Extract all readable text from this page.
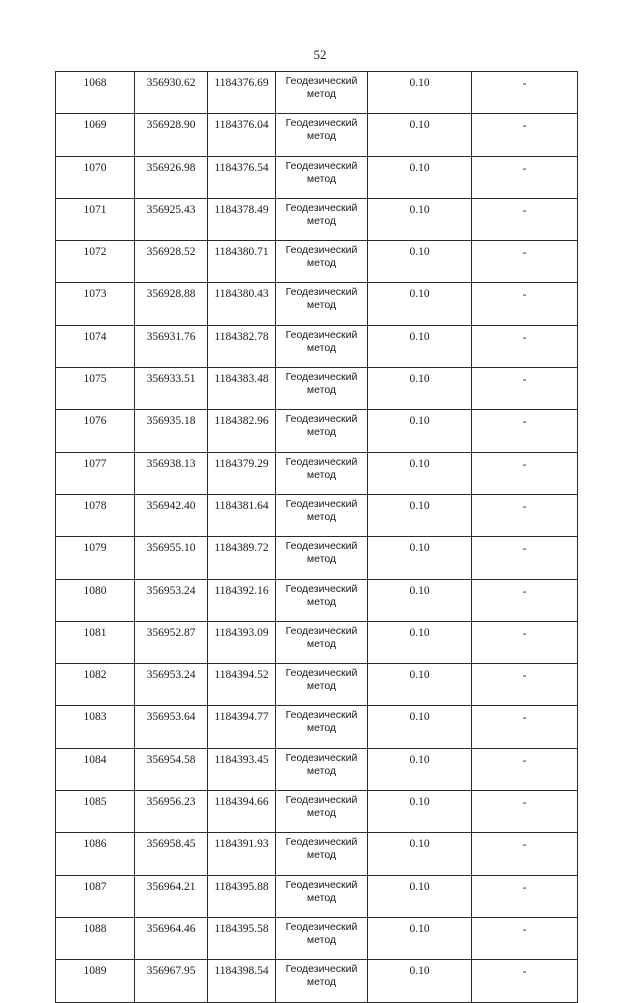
52
1068	356930.62	1184376.69	Геодезический метод	0.10	-
1069	356928.90	1184376.04	Геодезический метод	0.10	-
1070	356926.98	1184376.54	Геодезический метод	0.10	-
1071	356925.43	1184378.49	Геодезический метод	0.10	-
1072	356928.52	1184380.71	Геодезический метод	0.10	-
1073	356928.88	1184380.43	Геодезический метод	0.10	-
1074	356931.76	1184382.78	Геодезический метод	0.10	-
1075	356933.51	1184383.48	Геодезический метод	0.10	-
1076	356935.18	1184382.96	Геодезический метод	0.10	-
1077	356938.13	1184379.29	Геодезический метод	0.10	-
1078	356942.40	1184381.64	Геодезический метод	0.10	-
1079	356955.10	1184389.72	Геодезический метод	0.10	-
1080	356953.24	1184392.16	Геодезический метод	0.10	-
1081	356952.87	1184393.09	Геодезический метод	0.10	-
1082	356953.24	1184394.52	Геодезический метод	0.10	-
1083	356953.64	1184394.77	Геодезический метод	0.10	-
1084	356954.58	1184393.45	Геодезический метод	0.10	-
1085	356956.23	1184394.66	Геодезический метод	0.10	-
1086	356958.45	1184391.93	Геодезический метод	0.10	-
1087	356964.21	1184395.88	Геодезический метод	0.10	-
1088	356964.46	1184395.58	Геодезический метод	0.10	-
1089	356967.95	1184398.54	Геодезический метод	0.10	-
